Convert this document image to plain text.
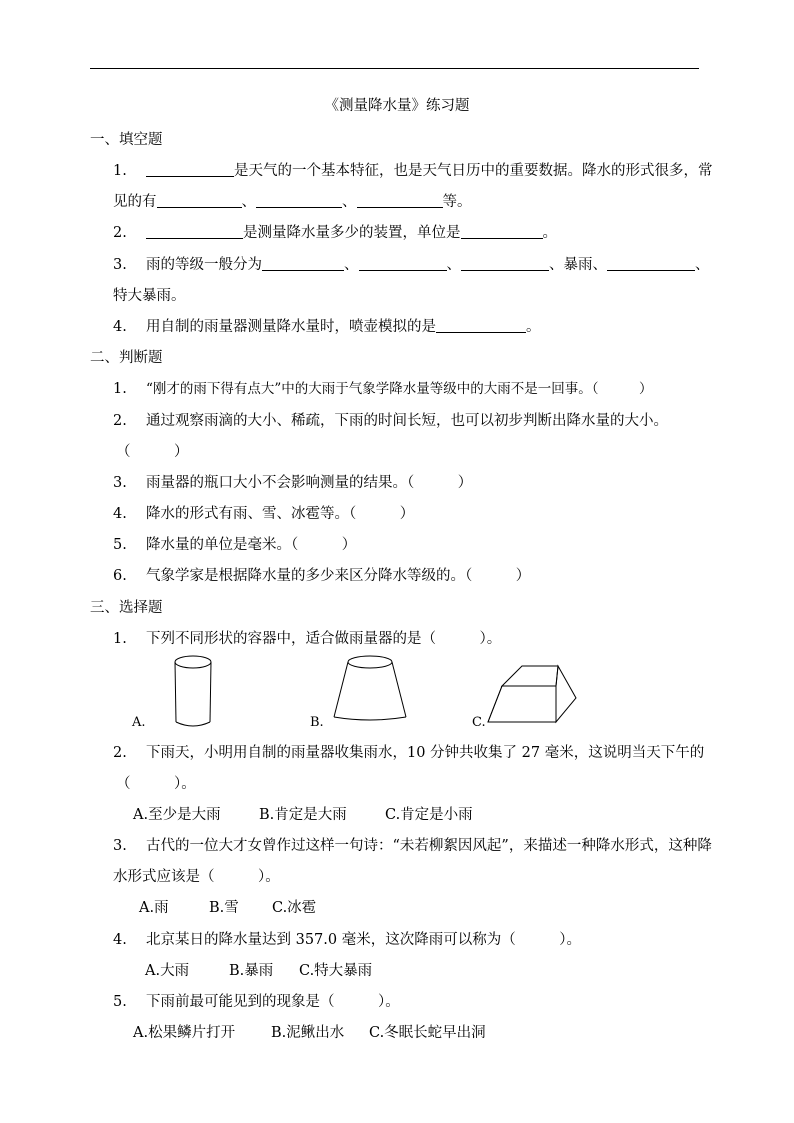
《测量降水量》练习题
一、填空题
1.	是天气的一个基本特征，也是天气日历中的重要数据。降水的形式很多，常
见的有	、	、	等。
2.	是测量降水量多少的装置，单位是	。
3. 雨的等级一般分为	、	、	、暴雨、	、
特大暴雨。
4. 用自制的雨量器测量降水量时，喷壶模拟的是	。
二、判断题
1. “刚才的雨下得有点大”中的大雨于气象学降水量等级中的大雨不是一回事。（　　　）
2. 通过观察雨滴的大小、稀疏，下雨的时间长短，也可以初步判断出降水量的大小。
（　　　）
3. 雨量器的瓶口大小不会影响测量的结果。（　　　）
4. 降水的形式有雨、雪、冰雹等。（　　　）
5. 降水量的单位是毫米。（　　　）
6. 气象学家是根据降水量的多少来区分降水等级的。（　　　）
三、选择题
1. 下列不同形状的容器中，适合做雨量器的是（　　　）。
A.	B.	C.
2. 下雨天，小明用自制的雨量器收集雨水，10 分钟共收集了 27 毫米，这说明当天下午的
（　　　）。
A.至少是大雨	B.肯定是大雨	C.肯定是小雨
3. 古代的一位大才女曾作过这样一句诗：“未若柳絮因风起”，来描述一种降水形式，这种降
水形式应该是（　　　）。
A.雨	B.雪 C.冰雹
4. 北京某日的降水量达到 357.0 毫米，这次降雨可以称为（　　　）。
A.大雨	B.暴雨 C.特大暴雨
5. 下雨前最可能见到的现象是（　　　）。
A.松果鳞片打开 B.泥鳅出水 C.冬眠长蛇早出洞
